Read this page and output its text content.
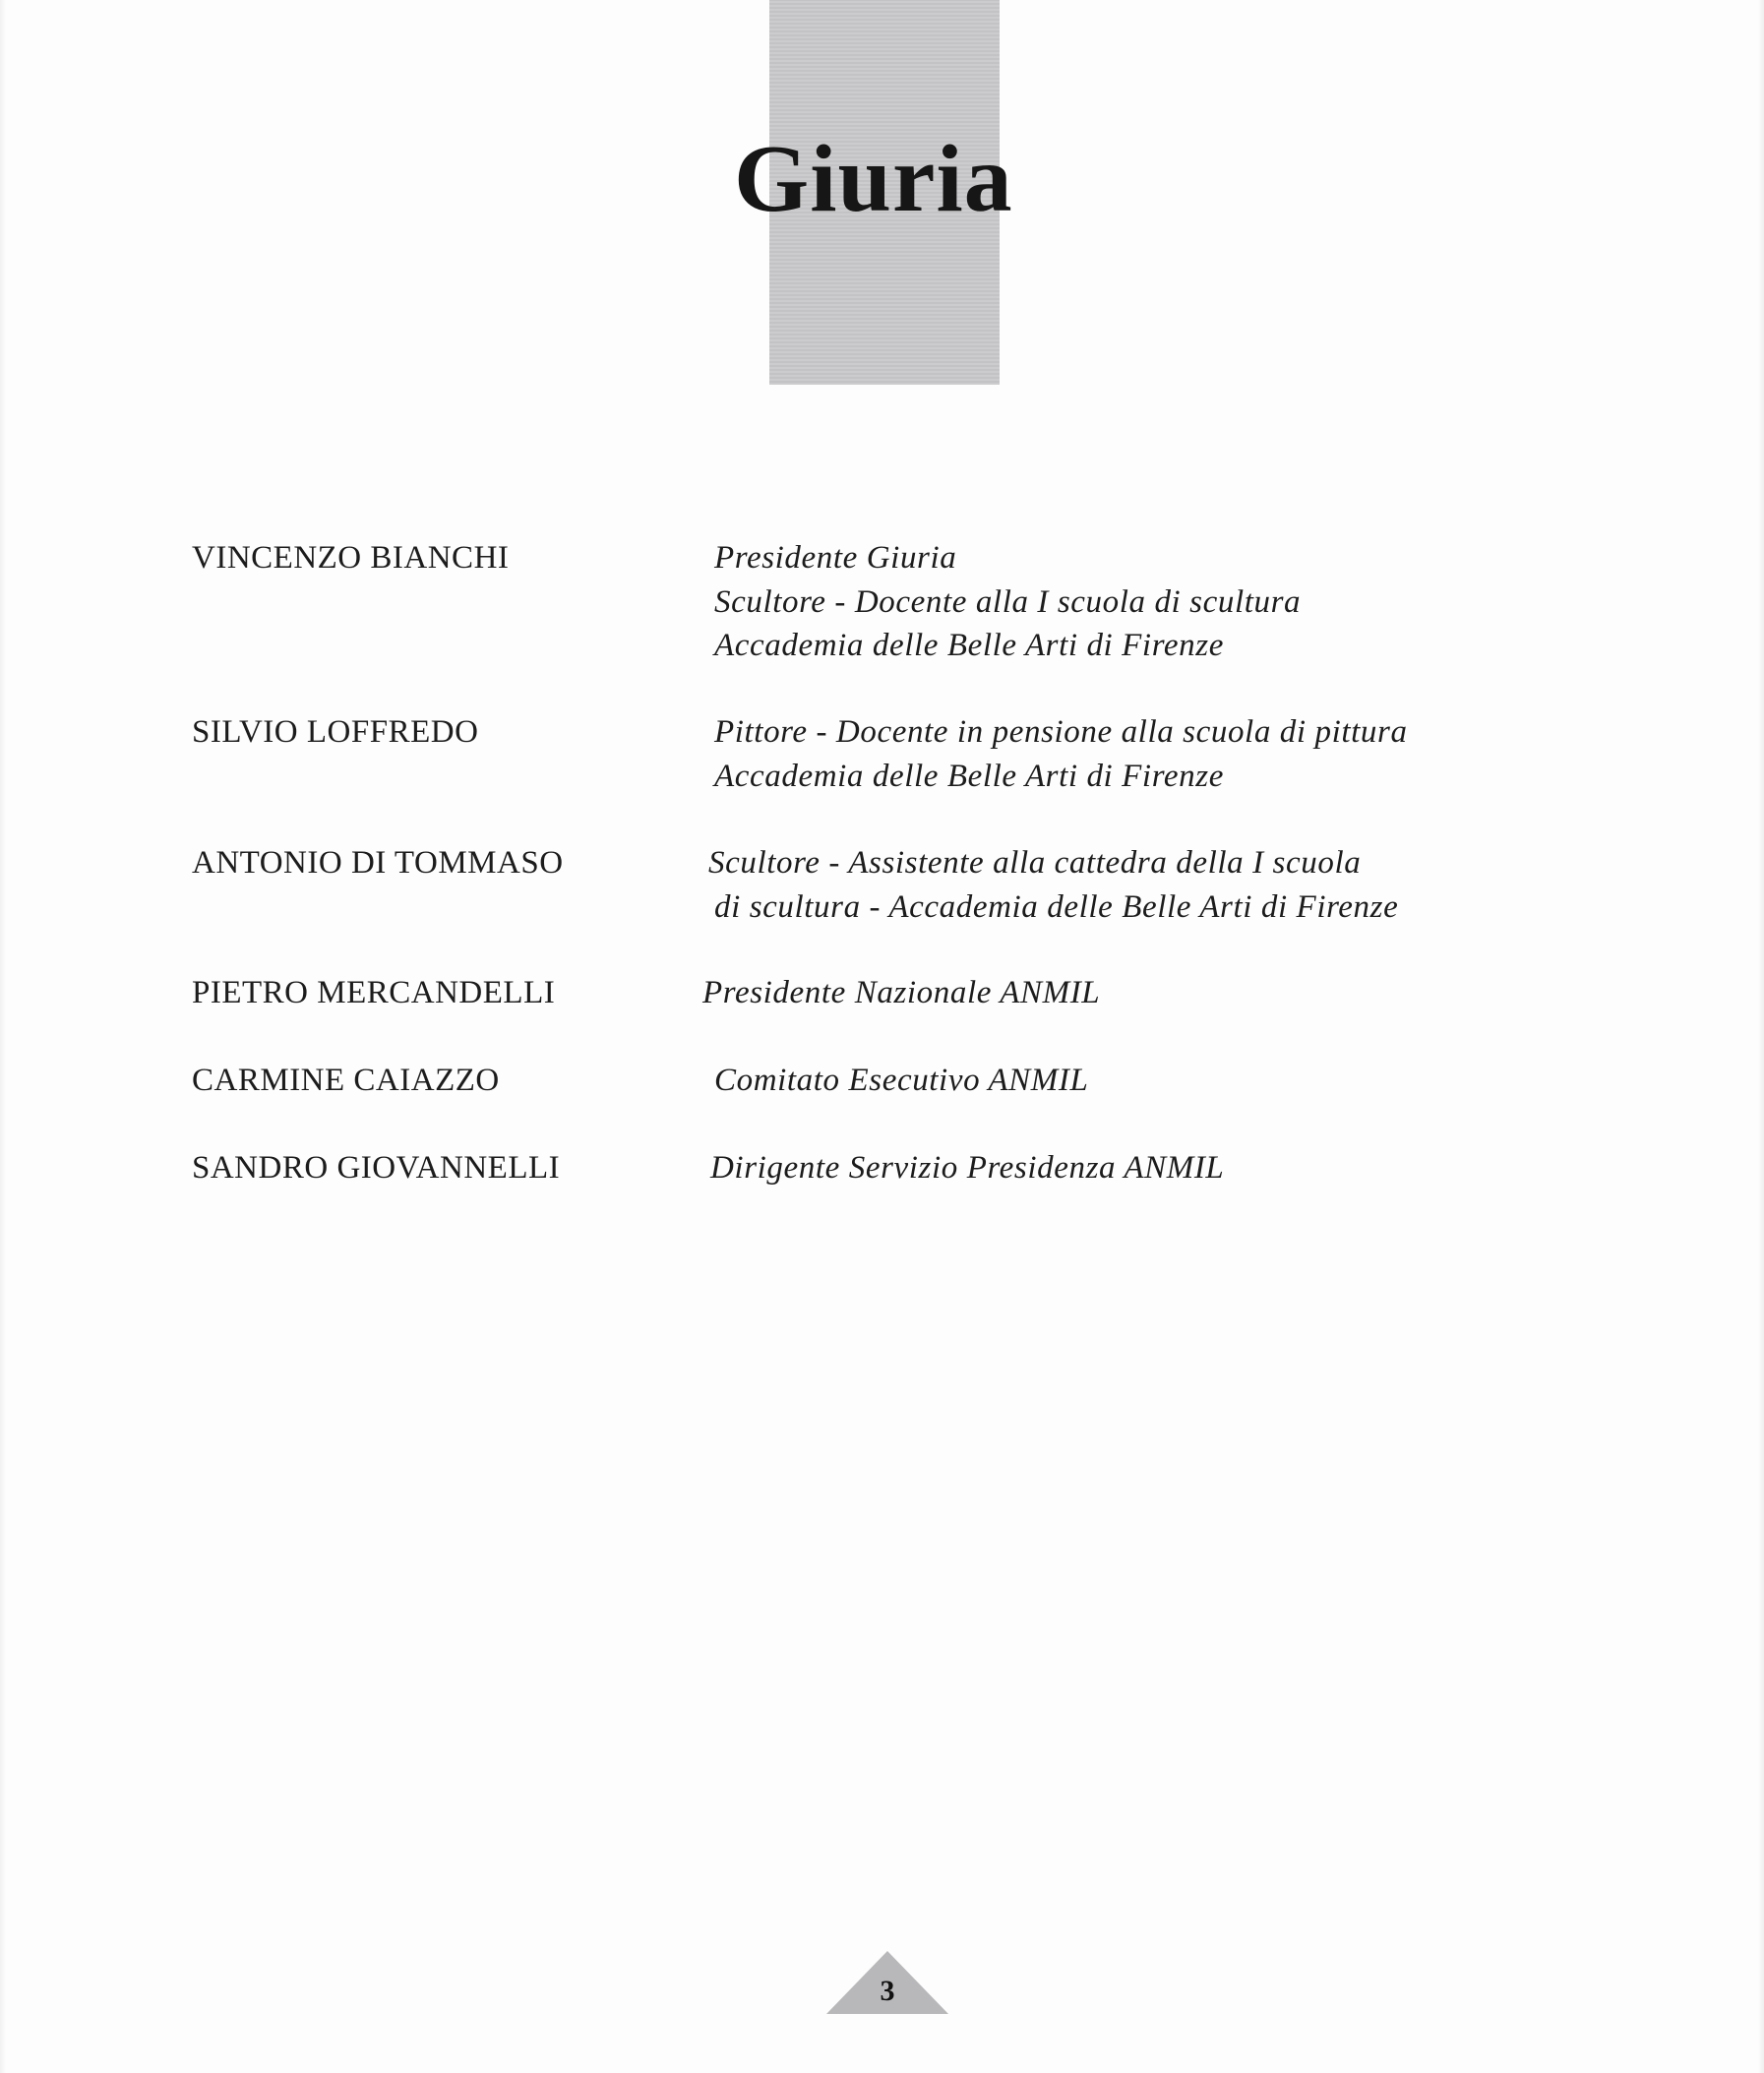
Giuria
VINCENZO BIANCHI	Presidente Giuria
Scultore - Docente alla I scuola di scultura
Accademia delle Belle Arti di Firenze
SILVIO LOFFREDO	Pittore - Docente in pensione alla scuola di pittura
Accademia delle Belle Arti di Firenze
ANTONIO DI TOMMASO	Scultore - Assistente alla cattedra della I scuola
di scultura - Accademia delle Belle Arti di Firenze
PIETRO MERCANDELLI	Presidente Nazionale ANMIL
CARMINE CAIAZZO	Comitato Esecutivo ANMIL
SANDRO GIOVANNELLI	Dirigente Servizio Presidenza ANMIL
3
